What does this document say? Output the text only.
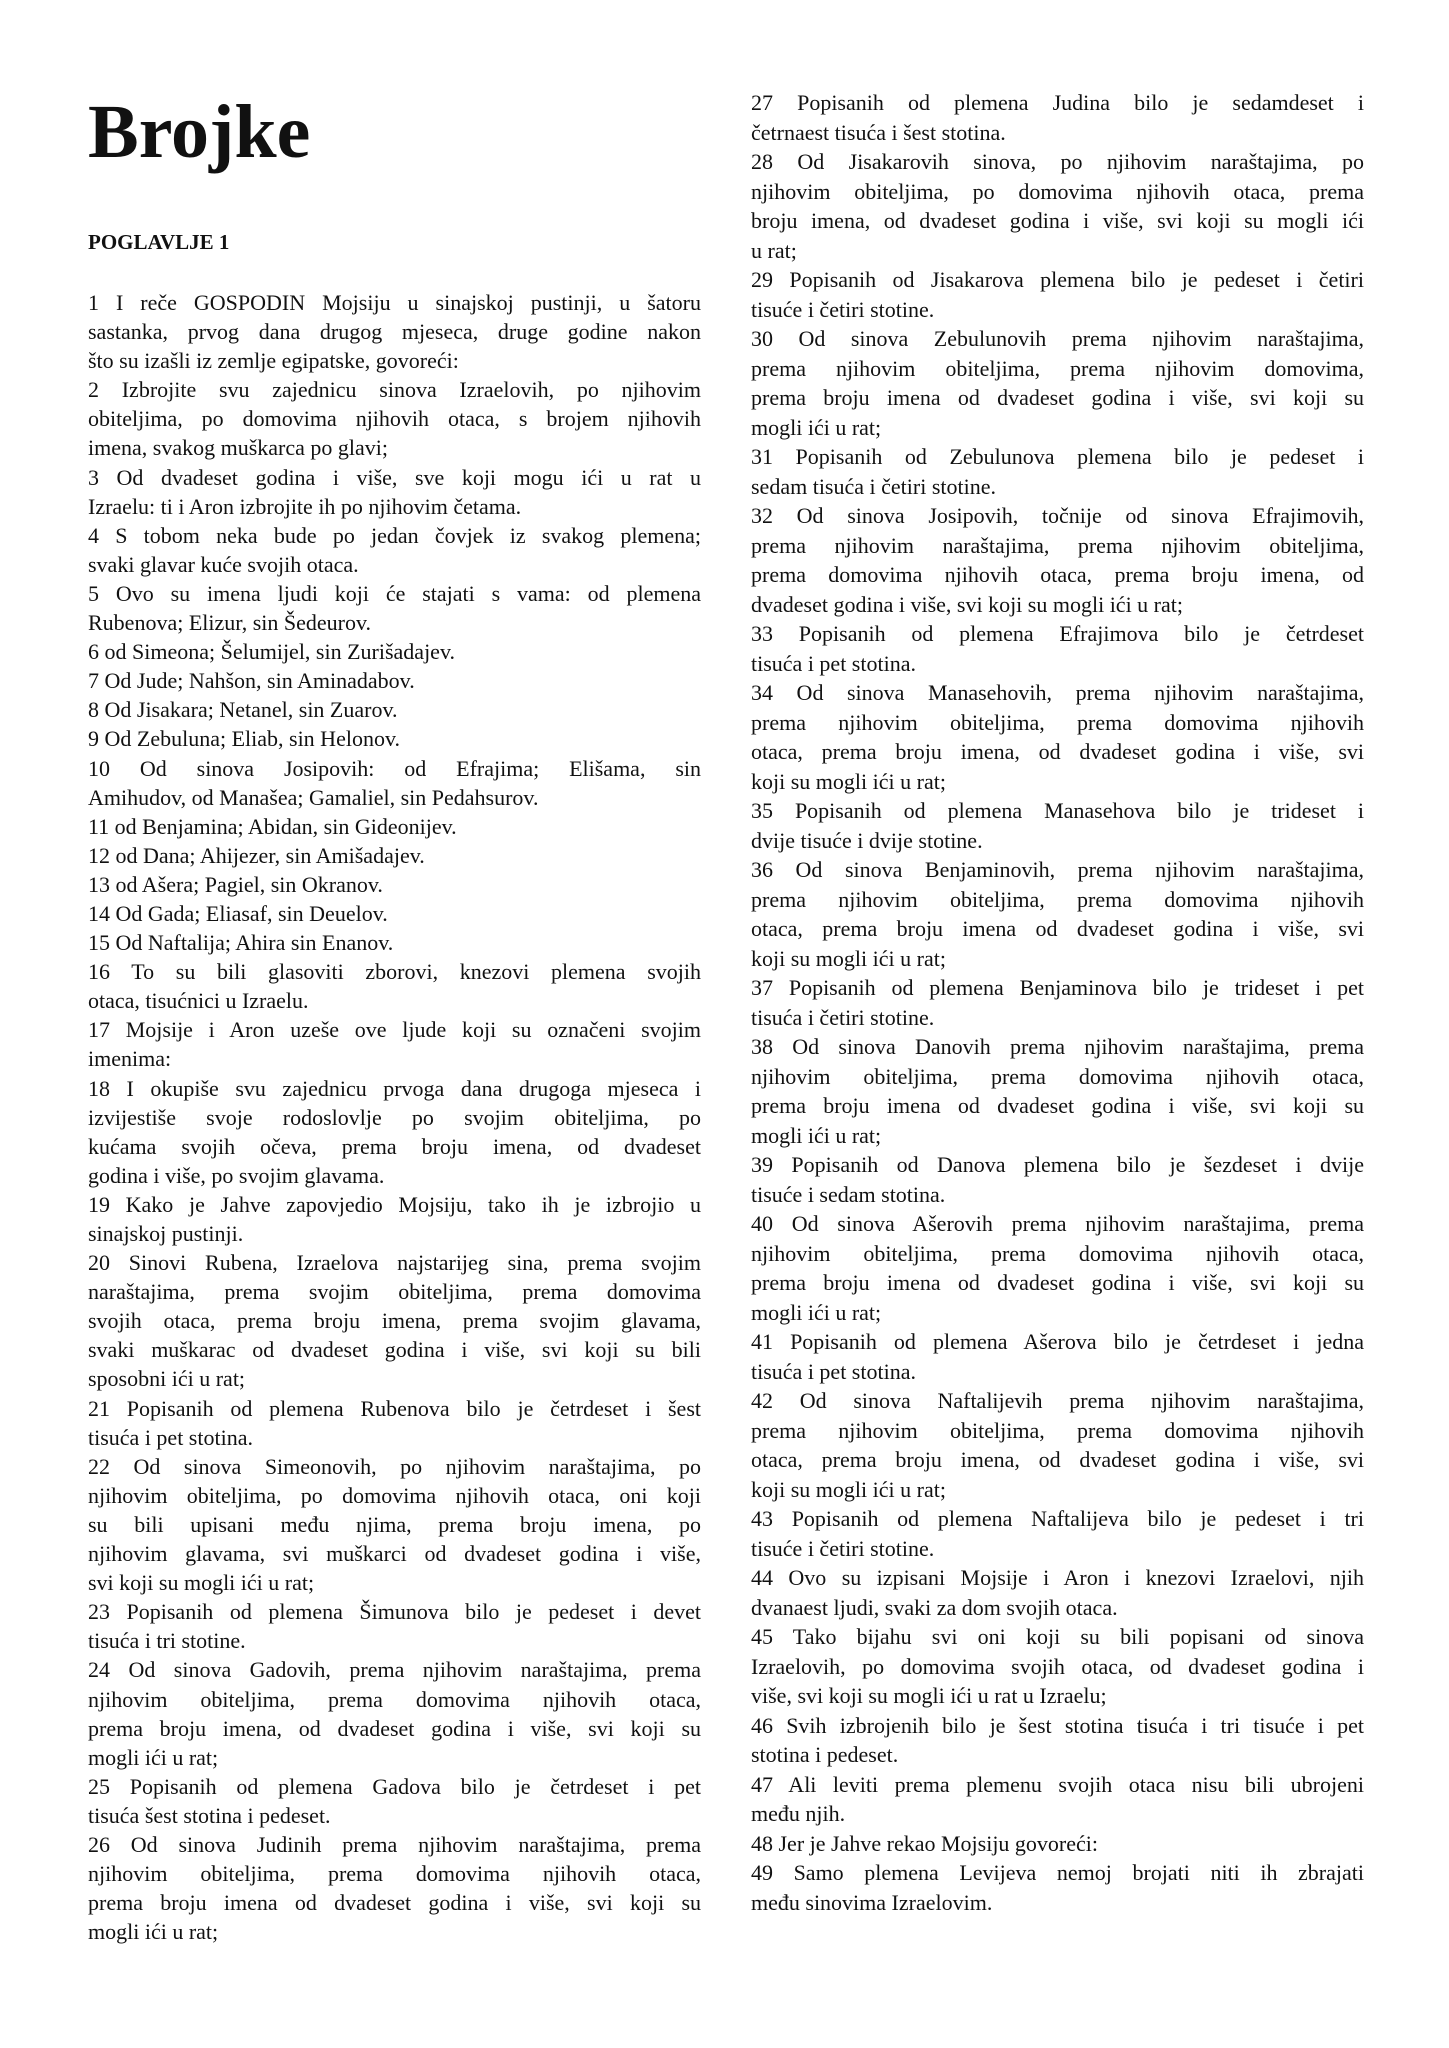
Brojke
POGLAVLJE 1
1 I reče GOSPODIN Mojsiju u sinajskoj pustinji, u šatoru
sastanka, prvog dana drugog mjeseca, druge godine nakon
što su izašli iz zemlje egipatske, govoreći:
2 Izbrojite svu zajednicu sinova Izraelovih, po njihovim
obiteljima, po domovima njihovih otaca, s brojem njihovih
imena, svakog muškarca po glavi;
3 Od dvadeset godina i više, sve koji mogu ići u rat u
Izraelu: ti i Aron izbrojite ih po njihovim četama.
4 S tobom neka bude po jedan čovjek iz svakog plemena;
svaki glavar kuće svojih otaca.
5 Ovo su imena ljudi koji će stajati s vama: od plemena
Rubenova; Elizur, sin Šedeurov.
6 od Simeona; Šelumijel, sin Zurišadajev.
7 Od Jude; Nahšon, sin Aminadabov.
8 Od Jisakara; Netanel, sin Zuarov.
9 Od Zebuluna; Eliab, sin Helonov.
10 Od sinova Josipovih: od Efrajima; Elišama, sin
Amihudov, od Manašea; Gamaliel, sin Pedahsurov.
11 od Benjamina; Abidan, sin Gideonijev.
12 od Dana; Ahijezer, sin Amišadajev.
13 od Ašera; Pagiel, sin Okranov.
14 Od Gada; Eliasaf, sin Deuelov.
15 Od Naftalija; Ahira sin Enanov.
16 To su bili glasoviti zborovi, knezovi plemena svojih
otaca, tisućnici u Izraelu.
17 Mojsije i Aron uzeše ove ljude koji su označeni svojim
imenima:
18 I okupiše svu zajednicu prvoga dana drugoga mjeseca i
izvijestiše svoje rodoslovlje po svojim obiteljima, po
kućama svojih očeva, prema broju imena, od dvadeset
godina i više, po svojim glavama.
19 Kako je Jahve zapovjedio Mojsiju, tako ih je izbrojio u
sinajskoj pustinji.
20 Sinovi Rubena, Izraelova najstarijeg sina, prema svojim
naraštajima, prema svojim obiteljima, prema domovima
svojih otaca, prema broju imena, prema svojim glavama,
svaki muškarac od dvadeset godina i više, svi koji su bili
sposobni ići u rat;
21 Popisanih od plemena Rubenova bilo je četrdeset i šest
tisuća i pet stotina.
22 Od sinova Simeonovih, po njihovim naraštajima, po
njihovim obiteljima, po domovima njihovih otaca, oni koji
su bili upisani među njima, prema broju imena, po
njihovim glavama, svi muškarci od dvadeset godina i više,
svi koji su mogli ići u rat;
23 Popisanih od plemena Šimunova bilo je pedeset i devet
tisuća i tri stotine.
24 Od sinova Gadovih, prema njihovim naraštajima, prema
njihovim obiteljima, prema domovima njihovih otaca,
prema broju imena, od dvadeset godina i više, svi koji su
mogli ići u rat;
25 Popisanih od plemena Gadova bilo je četrdeset i pet
tisuća šest stotina i pedeset.
26 Od sinova Judinih prema njihovim naraštajima, prema
njihovim obiteljima, prema domovima njihovih otaca,
prema broju imena od dvadeset godina i više, svi koji su
mogli ići u rat;
27 Popisanih od plemena Judina bilo je sedamdeset i
četrnaest tisuća i šest stotina.
28 Od Jisakarovih sinova, po njihovim naraštajima, po
njihovim obiteljima, po domovima njihovih otaca, prema
broju imena, od dvadeset godina i više, svi koji su mogli ići
u rat;
29 Popisanih od Jisakarova plemena bilo je pedeset i četiri
tisuće i četiri stotine.
30 Od sinova Zebulunovih prema njihovim naraštajima,
prema njihovim obiteljima, prema njihovim domovima,
prema broju imena od dvadeset godina i više, svi koji su
mogli ići u rat;
31 Popisanih od Zebulunova plemena bilo je pedeset i
sedam tisuća i četiri stotine.
32 Od sinova Josipovih, točnije od sinova Efrajimovih,
prema njihovim naraštajima, prema njihovim obiteljima,
prema domovima njihovih otaca, prema broju imena, od
dvadeset godina i više, svi koji su mogli ići u rat;
33 Popisanih od plemena Efrajimova bilo je četrdeset
tisuća i pet stotina.
34 Od sinova Manasehovih, prema njihovim naraštajima,
prema njihovim obiteljima, prema domovima njihovih
otaca, prema broju imena, od dvadeset godina i više, svi
koji su mogli ići u rat;
35 Popisanih od plemena Manasehova bilo je trideset i
dvije tisuće i dvije stotine.
36 Od sinova Benjaminovih, prema njihovim naraštajima,
prema njihovim obiteljima, prema domovima njihovih
otaca, prema broju imena od dvadeset godina i više, svi
koji su mogli ići u rat;
37 Popisanih od plemena Benjaminova bilo je trideset i pet
tisuća i četiri stotine.
38 Od sinova Danovih prema njihovim naraštajima, prema
njihovim obiteljima, prema domovima njihovih otaca,
prema broju imena od dvadeset godina i više, svi koji su
mogli ići u rat;
39 Popisanih od Danova plemena bilo je šezdeset i dvije
tisuće i sedam stotina.
40 Od sinova Ašerovih prema njihovim naraštajima, prema
njihovim obiteljima, prema domovima njihovih otaca,
prema broju imena od dvadeset godina i više, svi koji su
mogli ići u rat;
41 Popisanih od plemena Ašerova bilo je četrdeset i jedna
tisuća i pet stotina.
42 Od sinova Naftalijevih prema njihovim naraštajima,
prema njihovim obiteljima, prema domovima njihovih
otaca, prema broju imena, od dvadeset godina i više, svi
koji su mogli ići u rat;
43 Popisanih od plemena Naftalijeva bilo je pedeset i tri
tisuće i četiri stotine.
44 Ovo su izpisani Mojsije i Aron i knezovi Izraelovi, njih
dvanaest ljudi, svaki za dom svojih otaca.
45 Tako bijahu svi oni koji su bili popisani od sinova
Izraelovih, po domovima svojih otaca, od dvadeset godina i
više, svi koji su mogli ići u rat u Izraelu;
46 Svih izbrojenih bilo je šest stotina tisuća i tri tisuće i pet
stotina i pedeset.
47 Ali leviti prema plemenu svojih otaca nisu bili ubrojeni
među njih.
48 Jer je Jahve rekao Mojsiju govoreći:
49 Samo plemena Levijeva nemoj brojati niti ih zbrajati
među sinovima Izraelovim.
